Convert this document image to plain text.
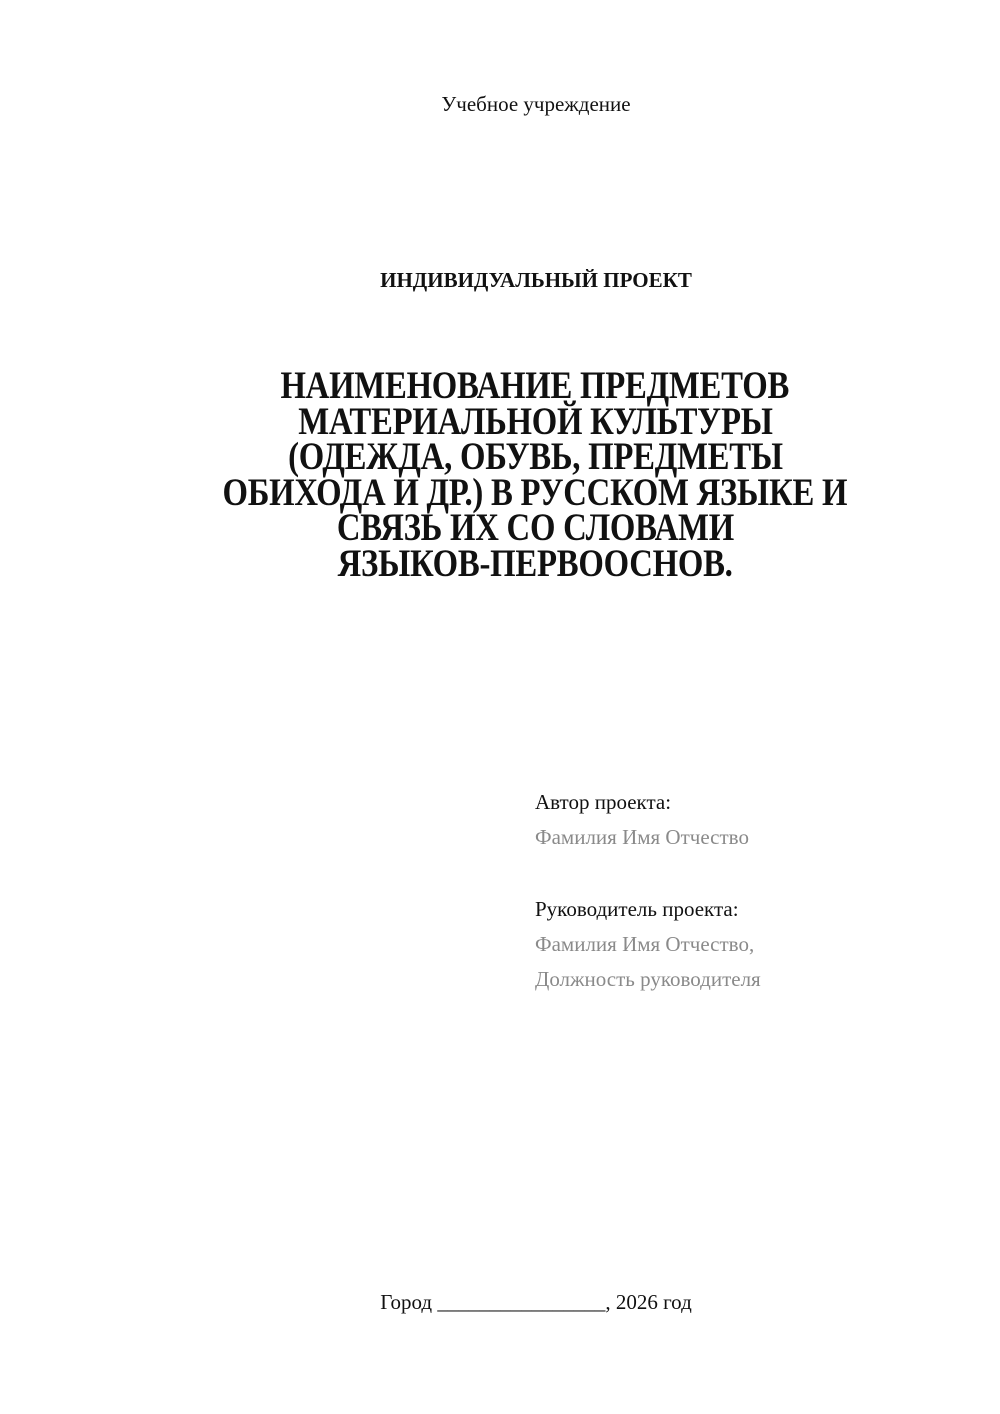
Учебное учреждение
ИНДИВИДУАЛЬНЫЙ ПРОЕКТ
НАИМЕНОВАНИЕ ПРЕДМЕТОВ
МАТЕРИАЛЬНОЙ КУЛЬТУРЫ
(ОДЕЖДА, ОБУВЬ, ПРЕДМЕТЫ
ОБИХОДА И ДР.) В РУССКОМ ЯЗЫКЕ И
СВЯЗЬ ИХ СО СЛОВАМИ
ЯЗЫКОВ-ПЕРВООСНОВ.
Автор проекта:
Фамилия Имя Отчество
Руководитель проекта:
Фамилия Имя Отчество,
Должность руководителя
Город ________________, 2026 год
